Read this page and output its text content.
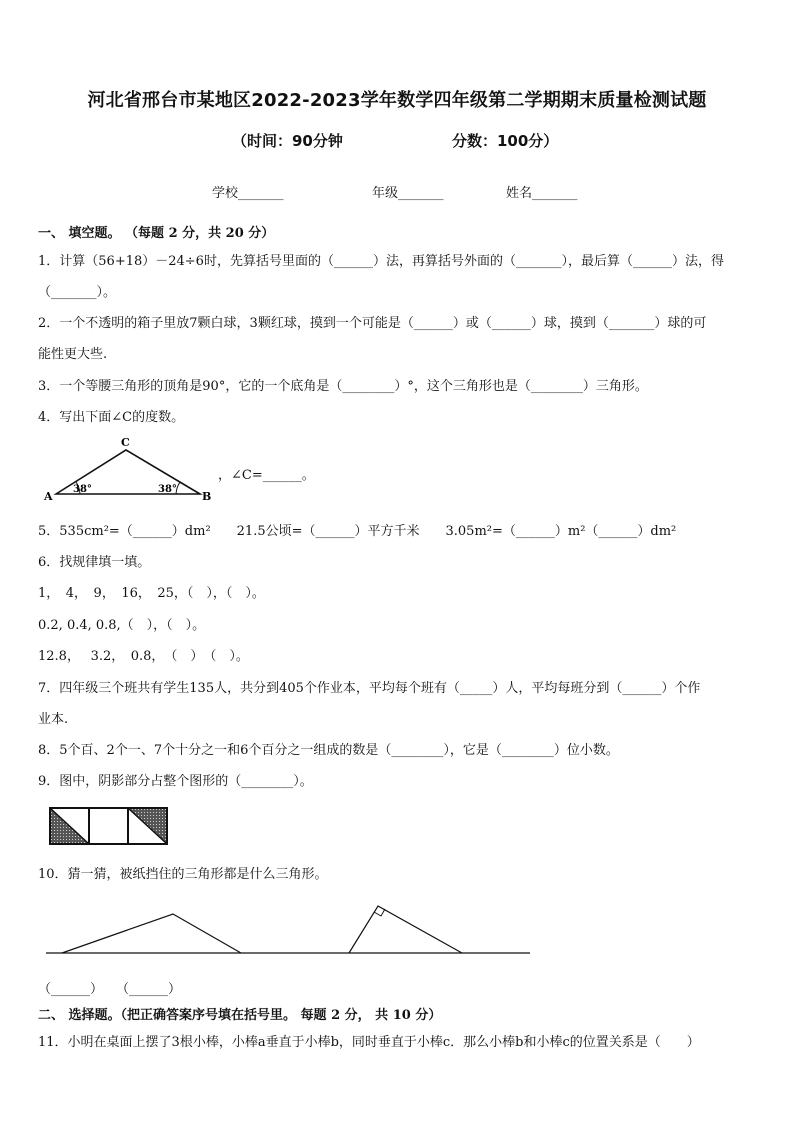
河北省邢台市某地区2022-2023学年数学四年级第二学期期末质量检测试题
（时间：90分钟	分数：100分）
学校_______	年级_______	姓名_______
一、 填空题。 （每题 2 分，共 20 分）
1．计算（56+18）－24÷6时，先算括号里面的（______）法，再算括号外面的（_______），最后算（______）法，得
（_______）。
2．一个不透明的箱子里放7颗白球，3颗红球，摸到一个可能是（______）或（______）球，摸到（_______）球的可
能性更大些.
3．一个等腰三角形的顶角是90°，它的一个底角是（________）°，这个三角形也是（________）三角形。
4．写出下面∠C的度数。
C
A	B
38°	38°
，∠C=______。
5．535cm²=（______）dm²　　21.5公顷=（______）平方千米　　3.05m²=（______）m²（______）dm²
6．找规律填一填。
1，　4，　9，　16，　25，（　），（　）。
0.2, 0.4, 0.8,（　），（　）。
12.8，　 3.2，　0.8，　（　）　（　）。
7．四年级三个班共有学生135人，共分到405个作业本，平均每个班有（_____）人，平均每班分到（______）个作
业本.
8．5个百、2个一、7个十分之一和6个百分之一组成的数是（________），它是（________）位小数。
9．图中，阴影部分占整个图形的（________）。
10．猜一猜，被纸挡住的三角形都是什么三角形。
（______）　　（______）
二、 选择题。（把正确答案序号填在括号里。 每题 2 分， 共 10 分）
11．小明在桌面上摆了3根小棒，小棒a垂直于小棒b，同时垂直于小棒c．那么小棒b和小棒c的位置关系是（　　）
